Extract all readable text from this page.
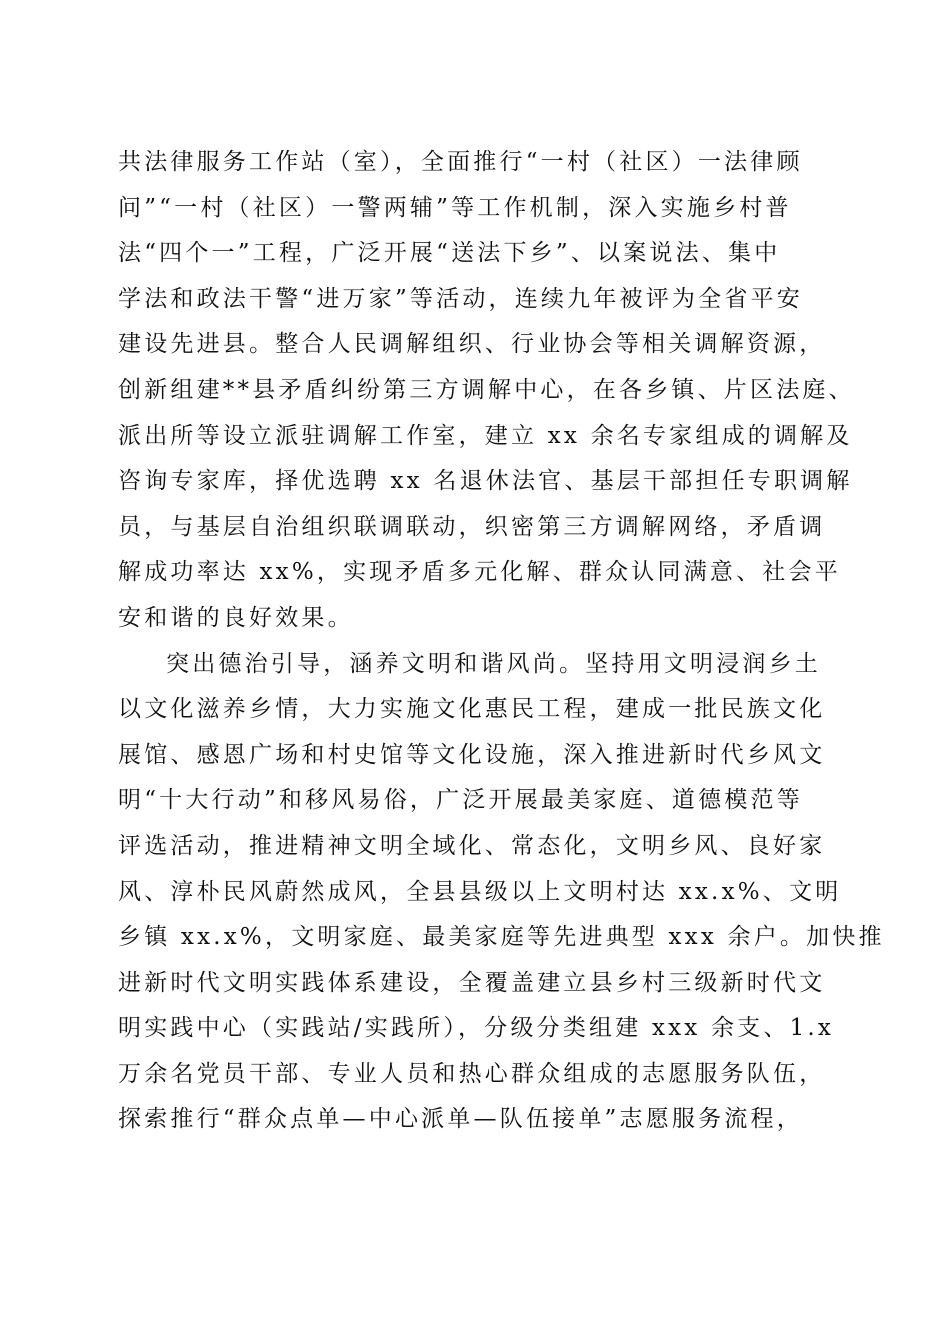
共法律服务工作站（室），全面推行“一村（社区）一法律顾
问”“一村（社区）一警两辅”等工作机制，深入实施乡村普
法“四个一”工程，广泛开展“送法下乡”、以案说法、集中
学法和政法干警“进万家”等活动，连续九年被评为全省平安
建设先进县。整合人民调解组织、行业协会等相关调解资源，
创新组建**县矛盾纠纷第三方调解中心，在各乡镇、片区法庭、
派出所等设立派驻调解工作室，建立 xx 余名专家组成的调解及
咨询专家库，择优选聘 xx 名退休法官、基层干部担任专职调解
员，与基层自治组织联调联动，织密第三方调解网络，矛盾调
解成功率达 xx%，实现矛盾多元化解、群众认同满意、社会平
安和谐的良好效果。
突出德治引导，涵养文明和谐风尚。坚持用文明浸润乡土
以文化滋养乡情，大力实施文化惠民工程，建成一批民族文化
展馆、感恩广场和村史馆等文化设施，深入推进新时代乡风文
明“十大行动”和移风易俗，广泛开展最美家庭、道德模范等
评选活动，推进精神文明全域化、常态化，文明乡风、良好家
风、淳朴民风蔚然成风，全县县级以上文明村达 xx.x%、文明
乡镇 xx.x%，文明家庭、最美家庭等先进典型 xxx 余户。加快推
进新时代文明实践体系建设，全覆盖建立县乡村三级新时代文
明实践中心（实践站/实践所），分级分类组建 xxx 余支、1.x
万余名党员干部、专业人员和热心群众组成的志愿服务队伍，
探索推行“群众点单—中心派单—队伍接单”志愿服务流程，
